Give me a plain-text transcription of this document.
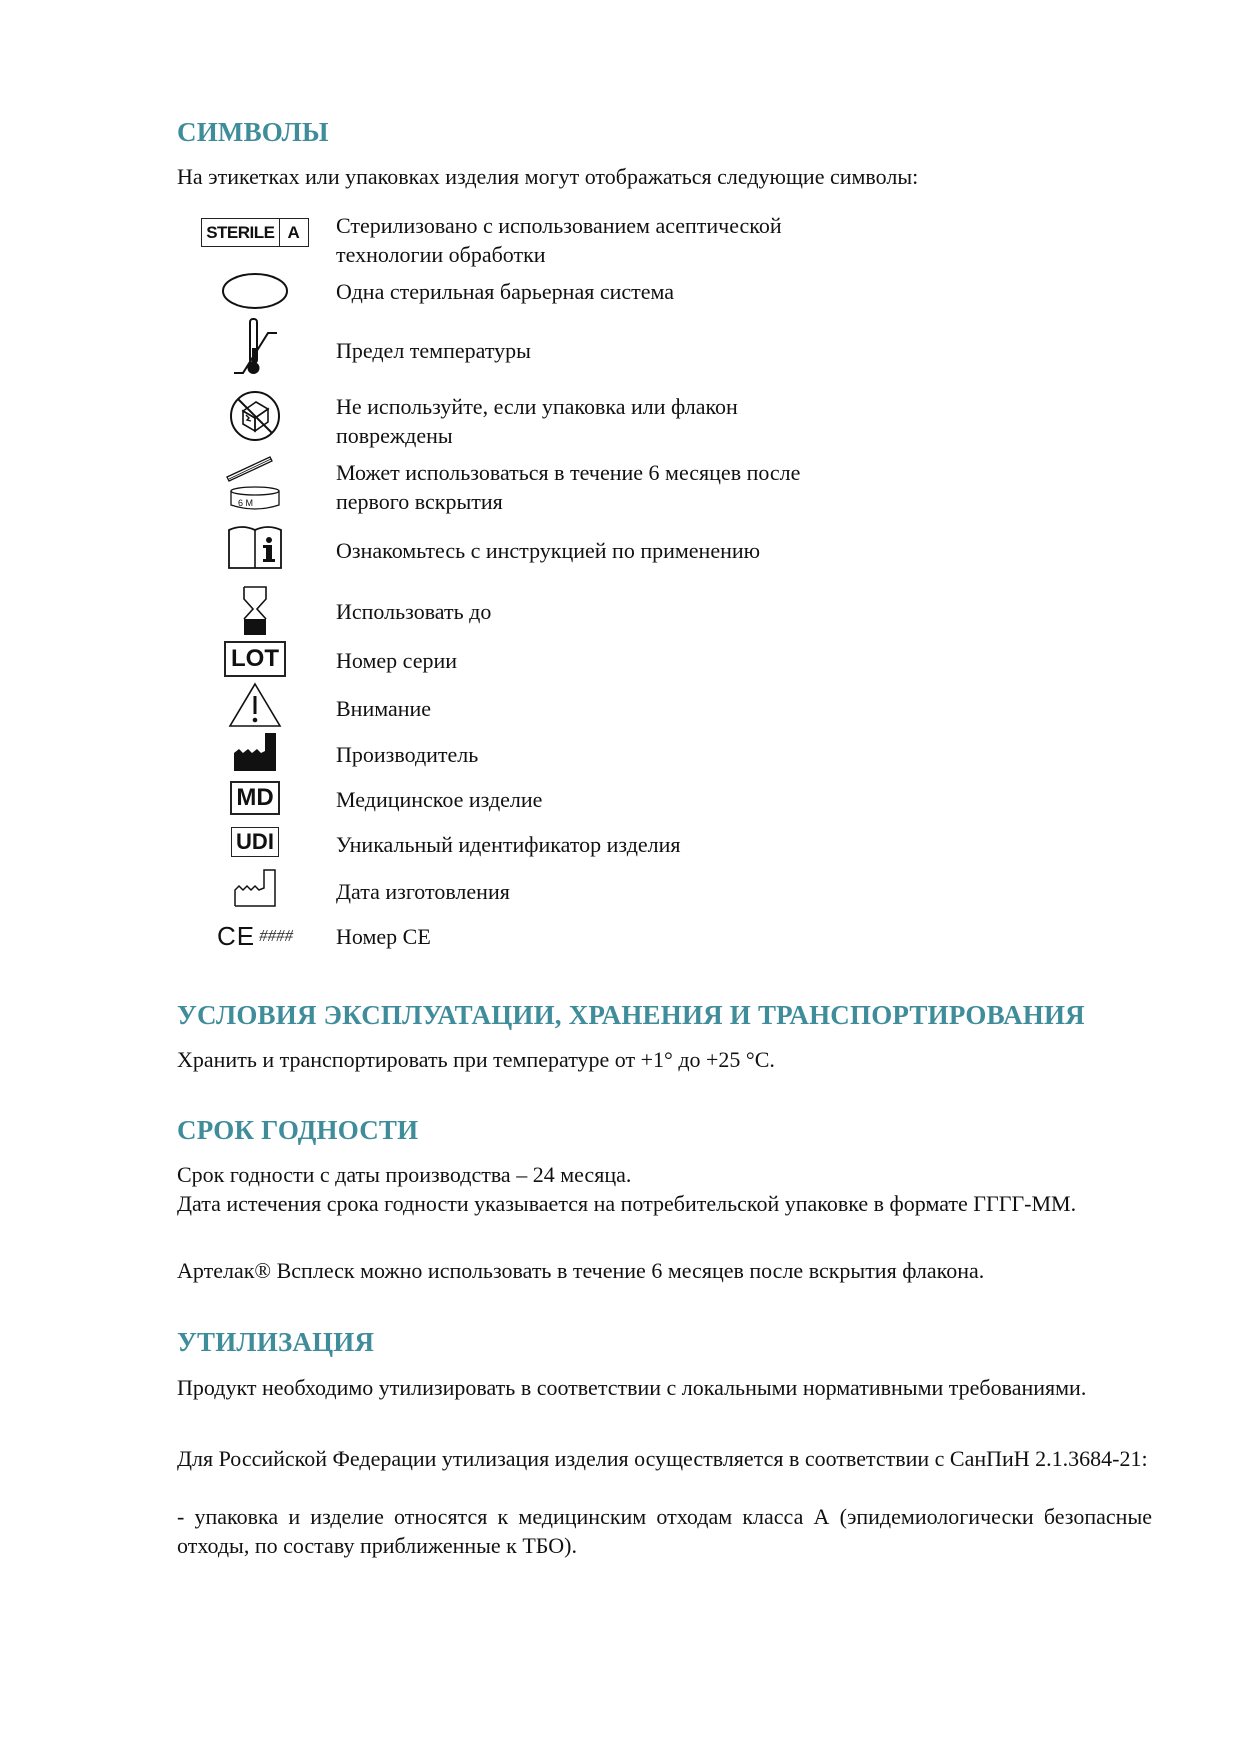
СИМВОЛЫ
На этикетках или упаковках изделия могут отображаться следующие символы:
STERILE A	Стерилизовано с использованием асептической
технологии обработки
Одна стерильная барьерная система
Предел температуры
Не используйте, если упаковка или флакон
повреждены
6 M
Может использоваться в течение 6 месяцев после
первого вскрытия
Ознакомьтесь с инструкцией по применению
Использовать до
LOT	Номер серии
Внимание
Производитель
MD	Медицинское изделие
UDI	Уникальный идентификатор изделия
Дата изготовления
CE #### Номер СЕ
УСЛОВИЯ ЭКСПЛУАТАЦИИ, ХРАНЕНИЯ И ТРАНСПОРТИРОВАНИЯ
Хранить и транспортировать при температуре от +1° до +25 °С.
СРОК ГОДНОСТИ
Срок годности с даты производства – 24 месяца.
Дата истечения срока годности указывается на потребительской упаковке в формате ГГГГ-ММ.
Артелак® Всплеск можно использовать в течение 6 месяцев после вскрытия флакона.
УТИЛИЗАЦИЯ
Продукт необходимо утилизировать в соответствии с локальными нормативными требованиями.
Для Российской Федерации утилизация изделия осуществляется в соответствии с СанПиН 2.1.3684-21:
- упаковка и изделие относятся к медицинским отходам класса А (эпидемиологически безопасные отходы, по составу приближенные к ТБО).
